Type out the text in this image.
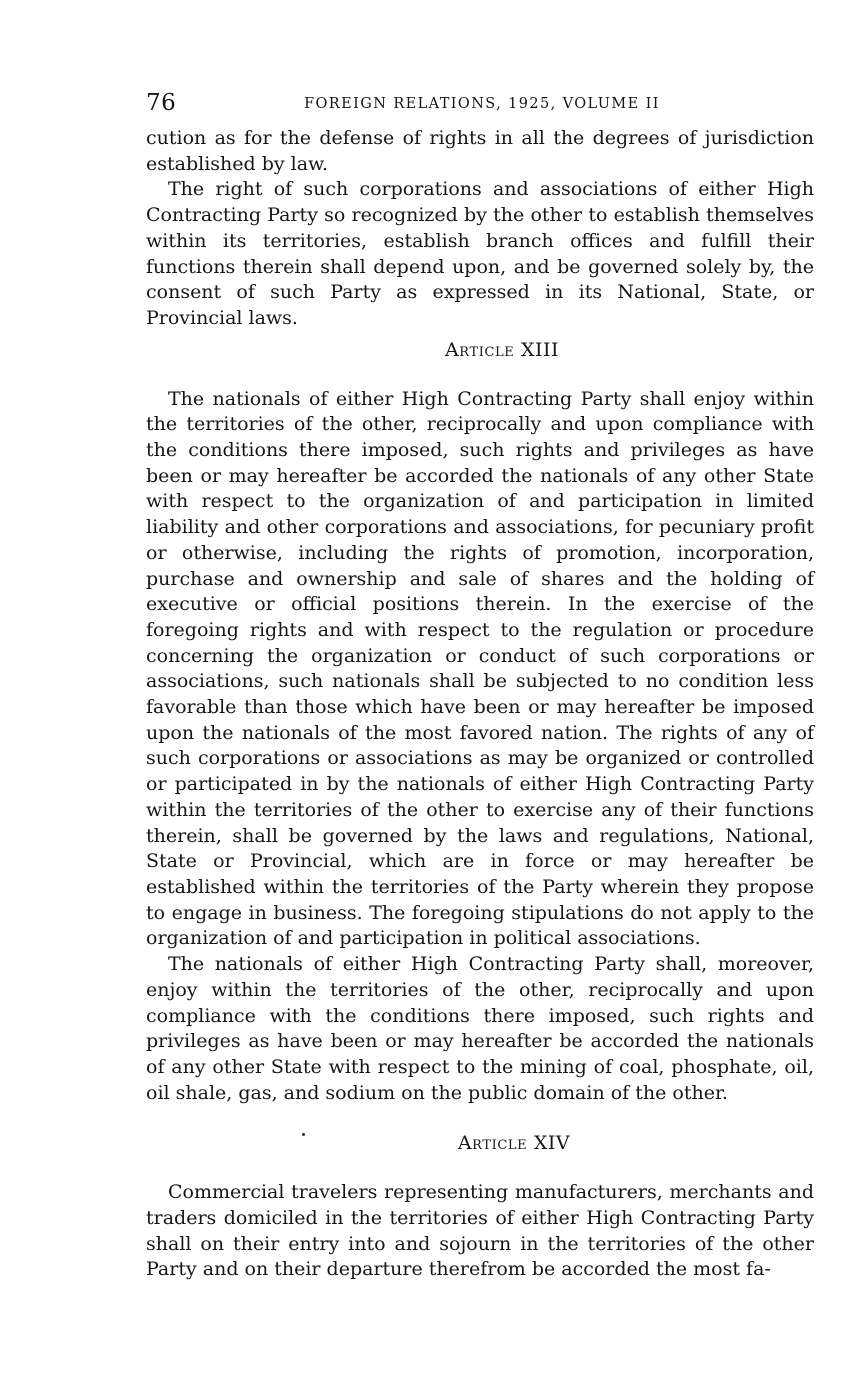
76	FOREIGN RELATIONS, 1925, VOLUME II

cution as for the defense of rights in all the degrees of jurisdiction established by law.

The right of such corporations and associations of either High Contracting Party so recognized by the other to establish themselves within its territories, establish branch offices and fulfill their functions therein shall depend upon, and be governed solely by, the consent of such Party as expressed in its National, State, or Provincial laws.

Article XIII

The nationals of either High Contracting Party shall enjoy within the territories of the other, reciprocally and upon compliance with the conditions there imposed, such rights and privileges as have been or may hereafter be accorded the nationals of any other State with respect to the organization of and participation in limited liability and other corporations and associations, for pecuniary profit or otherwise, including the rights of promotion, incorporation, purchase and ownership and sale of shares and the holding of executive or official positions therein. In the exercise of the foregoing rights and with respect to the regulation or procedure concerning the organization or conduct of such corporations or associations, such nationals shall be subjected to no condition less favorable than those which have been or may hereafter be imposed upon the nationals of the most favored nation. The rights of any of such corporations or associations as may be organized or controlled or participated in by the nationals of either High Contracting Party within the territories of the other to exercise any of their functions therein, shall be governed by the laws and regulations, National, State or Provincial, which are in force or may hereafter be established within the territories of the Party wherein they propose to engage in business. The foregoing stipulations do not apply to the organization of and participation in political associations.

The nationals of either High Contracting Party shall, moreover, enjoy within the territories of the other, reciprocally and upon compliance with the conditions there imposed, such rights and privileges as have been or may hereafter be accorded the nationals of any other State with respect to the mining of coal, phosphate, oil, oil shale, gas, and sodium on the public domain of the other.

Article XIV

Commercial travelers representing manufacturers, merchants and traders domiciled in the territories of either High Contracting Party shall on their entry into and sojourn in the territories of the other Party and on their departure therefrom be accorded the most fa-
